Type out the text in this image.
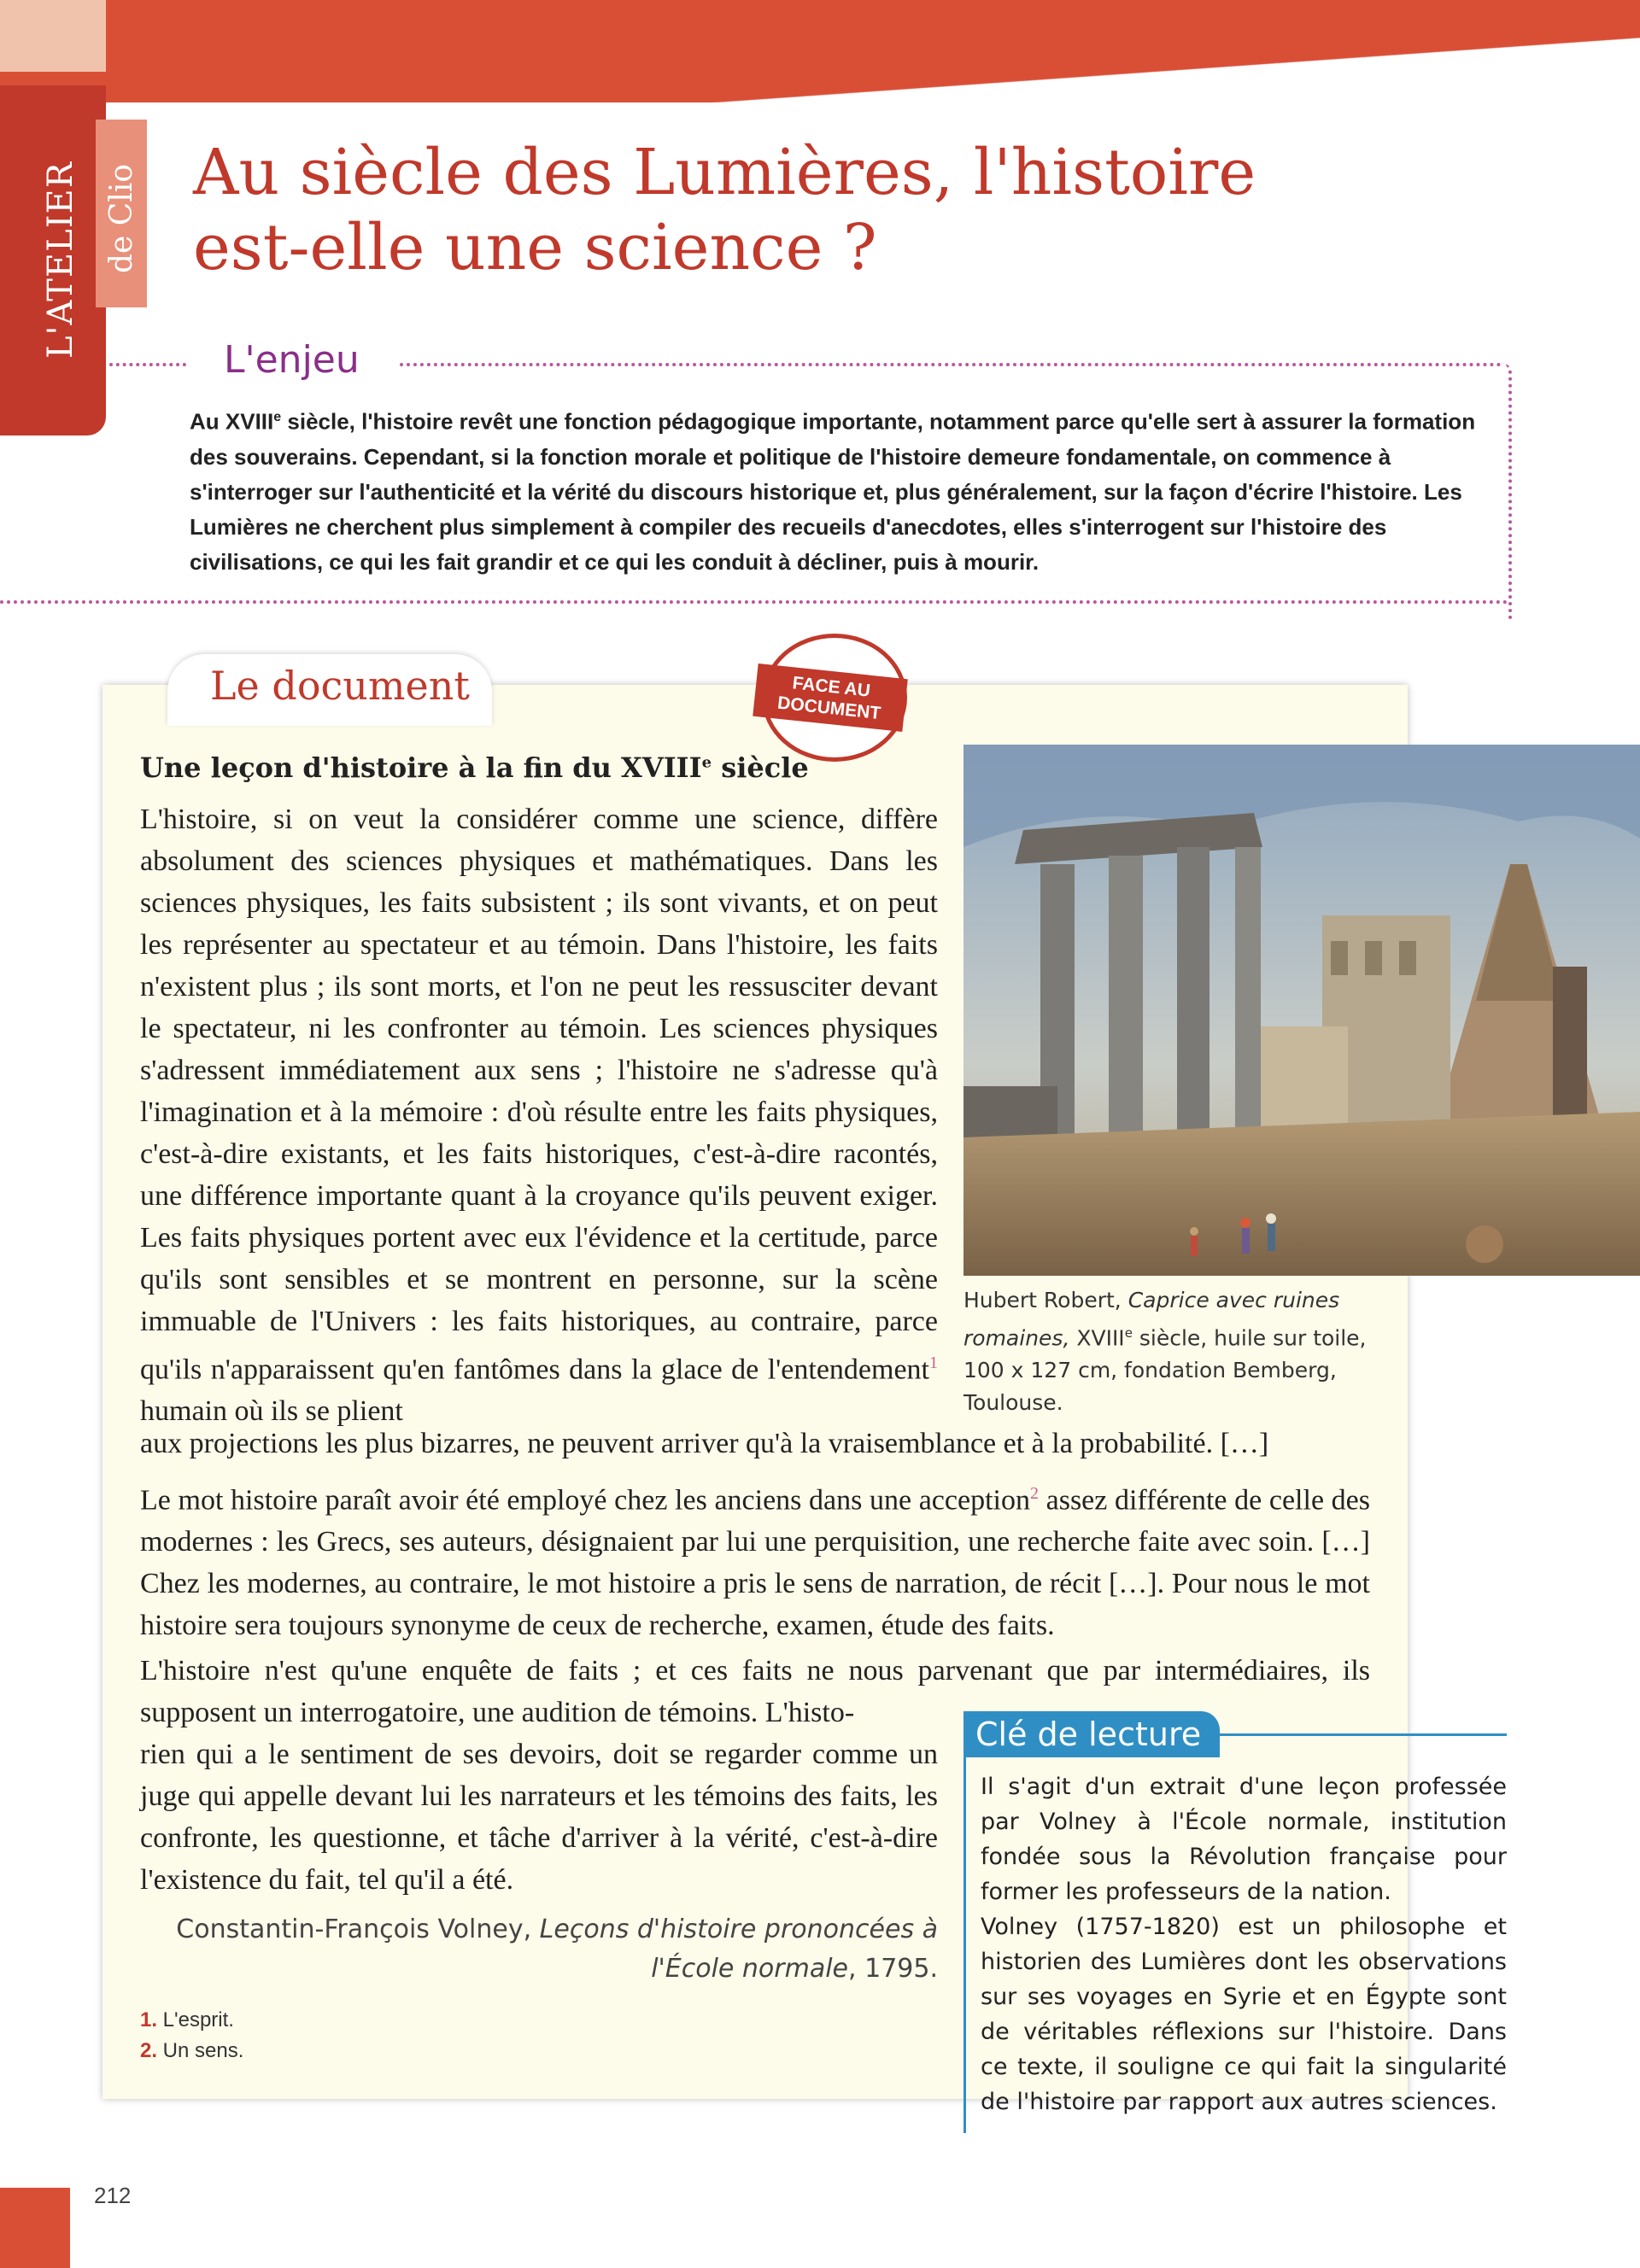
L'ATELIER de Clio Au siècle des Lumières, l'histoire
est-elle une science ?
L'enjeu

Au XVIIIe siècle, l'histoire revêt une fonction pédagogique importante, notamment parce qu'elle sert à assurer la formation des souverains. Cependant, si la fonction morale et politique de l'histoire demeure fondamentale, on commence à s'interroger sur l'authenticité et la vérité du discours historique et, plus généralement, sur la façon d'écrire l'histoire. Les Lumières ne cherchent plus simplement à compiler des recueils d'anecdotes, elles s'interrogent sur l'histoire des civilisations, ce qui les fait grandir et ce qui les conduit à décliner, puis à mourir.

Le document	FACE AU
DOCUMENT
Une leçon d'histoire à la fin du XVIIIe siècle

L'histoire, si on veut la considérer comme une science, diffère absolument des sciences physiques et mathématiques. Dans les sciences physiques, les faits subsistent ; ils sont vivants, et on peut les représenter au spectateur et au témoin. Dans l'histoire, les faits n'existent plus ; ils sont morts, et l'on ne peut les ressusciter devant le spectateur, ni les confronter au témoin. Les sciences physiques s'adressent immédiatement aux sens ; l'histoire ne s'adresse qu'à l'imagination et à la mémoire : d'où résulte entre les faits physiques, c'est-à-dire existants, et les faits historiques, c'est-à-dire racontés, une différence importante quant à la croyance qu'ils peuvent exiger. Les faits physiques portent avec eux l'évidence et la certitude, parce qu'ils sont sensibles et se montrent en personne, sur la scène immuable de l'Univers : les faits historiques, au contraire, parce qu'ils n'apparaissent qu'en fantômes dans la glace de l'entendement$^1$ humain où ils se plient

aux projections les plus bizarres, ne peuvent arriver qu'à la vraisemblance et à la probabilité. […]

Le mot histoire paraît avoir été employé chez les anciens dans une acception$^2$ assez différente de celle des modernes : les Grecs, ses auteurs, désignaient par lui une perquisition, une recherche faite avec soin. […] Chez les modernes, au contraire, le mot histoire a pris le sens de narration, de récit […]. Pour nous le mot histoire sera toujours synonyme de ceux de recherche, examen, étude des faits.

L'histoire n'est qu'une enquête de faits ; et ces faits ne nous parvenant que par intermédiaires, ils supposent un interrogatoire, une audition de témoins. L'histo-

rien qui a le sentiment de ses devoirs, doit se regarder comme un juge qui appelle devant lui les narrateurs et les témoins des faits, les confronte, les questionne, et tâche d'arriver à la vérité, c'est-à-dire l'existence du fait, tel qu'il a été.

Hubert Robert, Caprice avec ruines romaines, XVIIIe siècle, huile sur toile, 100 x 127 cm, fondation Bemberg, Toulouse.

Constantin-François Volney, Leçons d'histoire prononcées à l'École normale, 1795.

1. L'esprit.
2. Un sens.
Clé de lecture

Il s'agit d'un extrait d'une leçon professée par Volney à l'École normale, institution fondée sous la Révolution française pour former les professeurs de la nation.
Volney (1757-1820) est un philosophe et historien des Lumières dont les observations sur ses voyages en Syrie et en Égypte sont de véritables réflexions sur l'histoire. Dans ce texte, il souligne ce qui fait la singularité de l'histoire par rapport aux autres sciences.

212
